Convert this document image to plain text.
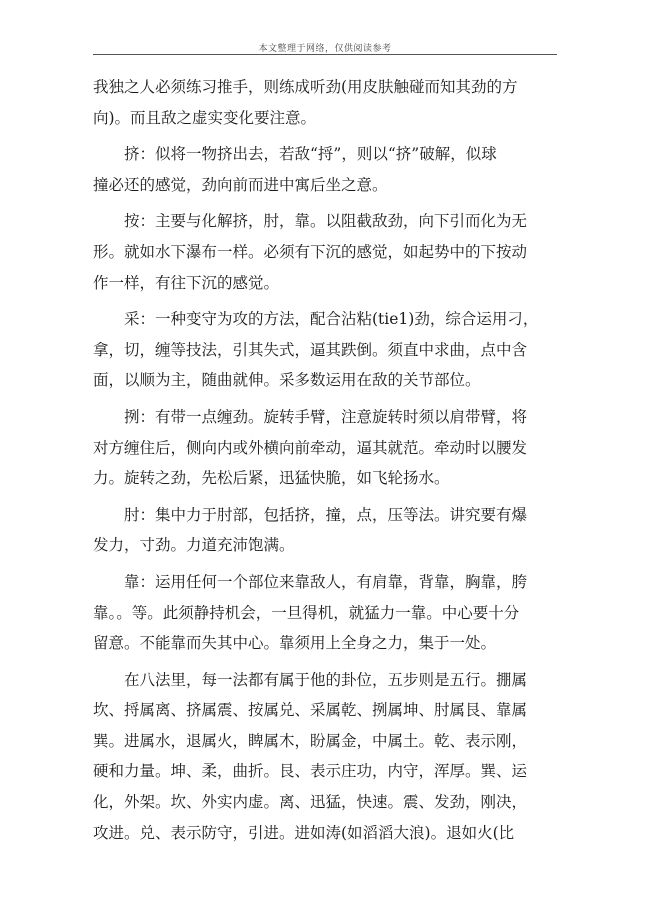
本文整理于网络，仅供阅读参考
我独之人必须练习推手，则练成听劲(用皮肤触碰而知其劲的方
向)。而且敌之虚实变化要注意。
挤：似将一物挤出去，若敌“捋”，则以“挤”破解，似球
撞必还的感觉，劲向前而进中寓后坐之意。
按：主要与化解挤，肘，靠。以阻截敌劲，向下引而化为无
形。就如水下瀑布一样。必须有下沉的感觉，如起势中的下按动
作一样，有往下沉的感觉。
采：一种变守为攻的方法，配合沾粘(tie1)劲，综合运用刁，
拿，切，缠等技法，引其失式，逼其跌倒。须直中求曲，点中含
面，以顺为主，随曲就伸。采多数运用在敌的关节部位。
挒：有带一点缠劲。旋转手臂，注意旋转时须以肩带臂，将
对方缠住后，侧向内或外横向前牵动，逼其就范。牵动时以腰发
力。旋转之劲，先松后紧，迅猛快脆，如飞轮扬水。
肘：集中力于肘部，包括挤，撞，点，压等法。讲究要有爆
发力，寸劲。力道充沛饱满。
靠：运用任何一个部位来靠敌人，有肩靠，背靠，胸靠，胯
靠。。等。此须静持机会，一旦得机，就猛力一靠。中心要十分
留意。不能靠而失其中心。靠须用上全身之力，集于一处。
在八法里，每一法都有属于他的卦位，五步则是五行。掤属
坎、捋属离、挤属震、按属兑、采属乾、挒属坤、肘属艮、靠属
巽。进属水，退属火，睥属木，盼属金，中属土。乾、表示刚，
硬和力量。坤、柔，曲折。艮、表示庄功，内守，浑厚。巽、运
化，外架。坎、外实内虚。离、迅猛，快速。震、发劲，刚决，
攻进。兑、表示防守，引进。进如涛(如滔滔大浪)。退如火(比
